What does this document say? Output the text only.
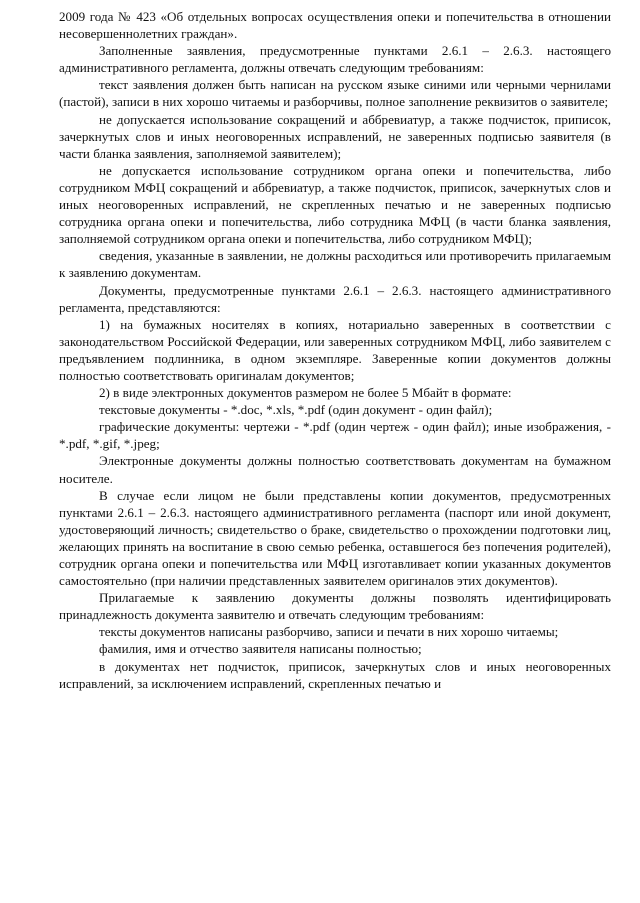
2009 года № 423 «Об отдельных вопросах осуществления опеки и попечительства в отношении несовершеннолетних граждан».

Заполненные заявления, предусмотренные пунктами 2.6.1 – 2.6.3. настоящего административного регламента, должны отвечать следующим требованиям:

текст заявления должен быть написан на русском языке синими или черными чернилами (пастой), записи в них хорошо читаемы и разборчивы, полное заполнение реквизитов о заявителе;

не допускается использование сокращений и аббревиатур, а также подчисток, приписок, зачеркнутых слов и иных неоговоренных исправлений, не заверенных подписью заявителя (в части бланка заявления, заполняемой заявителем);

не допускается использование сотрудником органа опеки и попечительства, либо сотрудником МФЦ сокращений и аббревиатур, а также подчисток, приписок, зачеркнутых слов и иных неоговоренных исправлений, не скрепленных печатью и не заверенных подписью сотрудника органа опеки и попечительства, либо сотрудника МФЦ (в части бланка заявления, заполняемой сотрудником органа опеки и попечительства, либо сотрудником МФЦ);

сведения, указанные в заявлении, не должны расходиться или противоречить прилагаемым к заявлению документам.

Документы, предусмотренные пунктами 2.6.1 – 2.6.3. настоящего административного регламента, представляются:

1) на бумажных носителях в копиях, нотариально заверенных в соответствии с законодательством Российской Федерации, или заверенных сотрудником МФЦ, либо заявителем с предъявлением подлинника, в одном экземпляре. Заверенные копии документов должны полностью соответствовать оригиналам документов;

2) в виде электронных документов размером не более 5 Мбайт в формате:

текстовые документы - *.doc, *.xls, *.pdf (один документ - один файл);

графические документы: чертежи - *.pdf (один чертеж - один файл); иные изображения, - *.pdf, *.gif, *.jpeg;

Электронные документы должны полностью соответствовать документам на бумажном носителе.

В случае если лицом не были представлены копии документов, предусмотренных пунктами 2.6.1 – 2.6.3. настоящего административного регламента (паспорт или иной документ, удостоверяющий личность; свидетельство о браке, свидетельство о прохождении подготовки лиц, желающих принять на воспитание в свою семью ребенка, оставшегося без попечения родителей), сотрудник органа опеки и попечительства или МФЦ изготавливает копии указанных документов самостоятельно (при наличии представленных заявителем оригиналов этих документов).

Прилагаемые к заявлению документы должны позволять идентифицировать принадлежность документа заявителю и отвечать следующим требованиям:

тексты документов написаны разборчиво, записи и печати в них хорошо читаемы;

фамилия, имя и отчество заявителя написаны полностью;

в документах нет подчисток, приписок, зачеркнутых слов и иных неоговоренных исправлений, за исключением исправлений, скрепленных печатью и
